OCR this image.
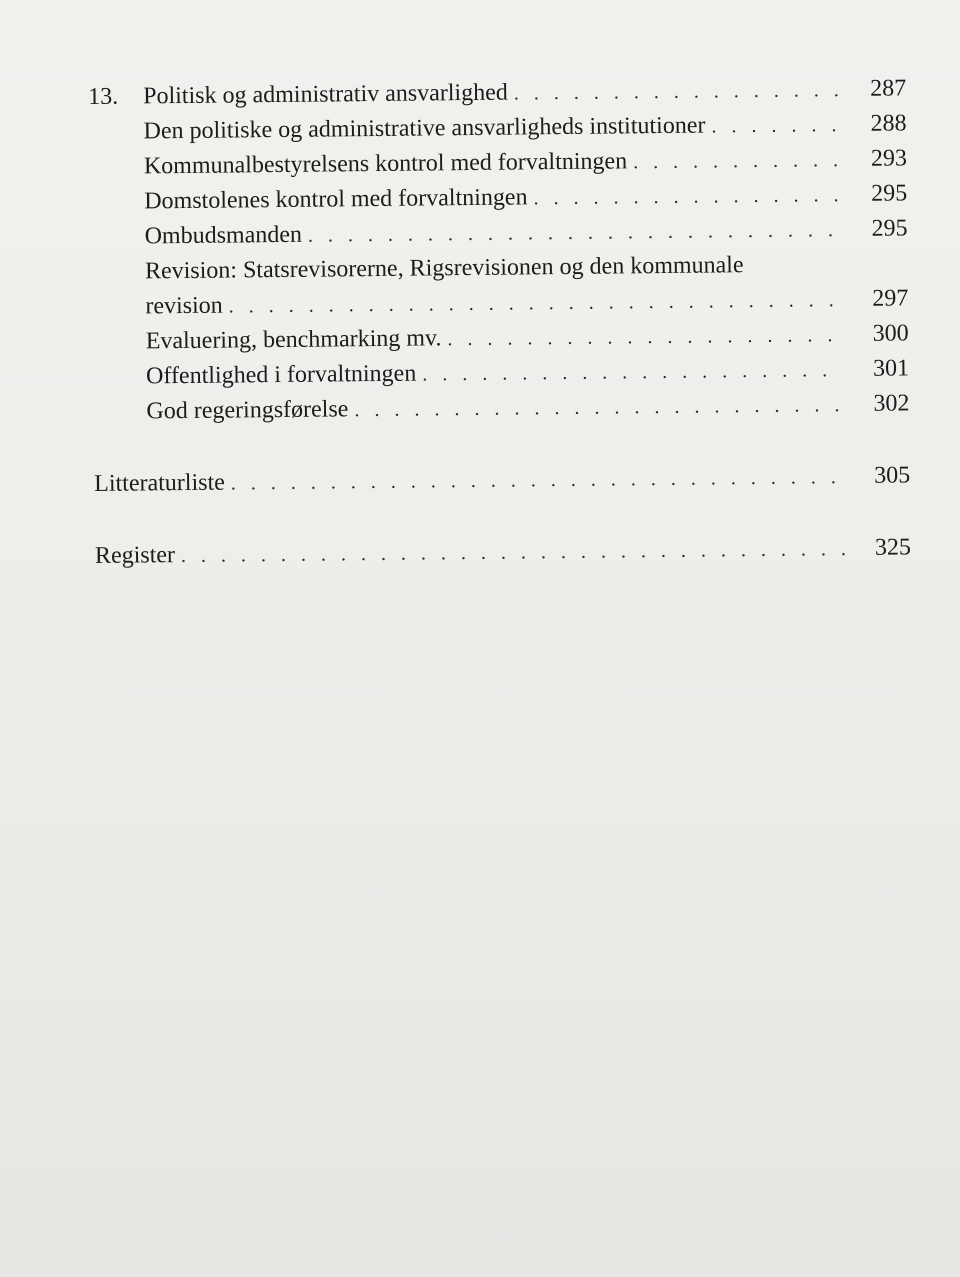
13. Politisk og administrativ ansvarlighed . . .	287
Den politiske og administrative ansvarligheds institutioner . . .	288
Kommunalbestyrelsens kontrol med forvaltningen . . .	293
Domstolenes kontrol med forvaltningen . . .	295
Ombudsmanden . . .	295
Revision: Statsrevisorerne, Rigsrevisionen og den kommunale
revision . . .	297
Evaluering, benchmarking mv. . . .	300
Offentlighed i forvaltningen . . .	301
God regeringsførelse . . .	302
Litteraturliste . . .	305
Register . . .	325
